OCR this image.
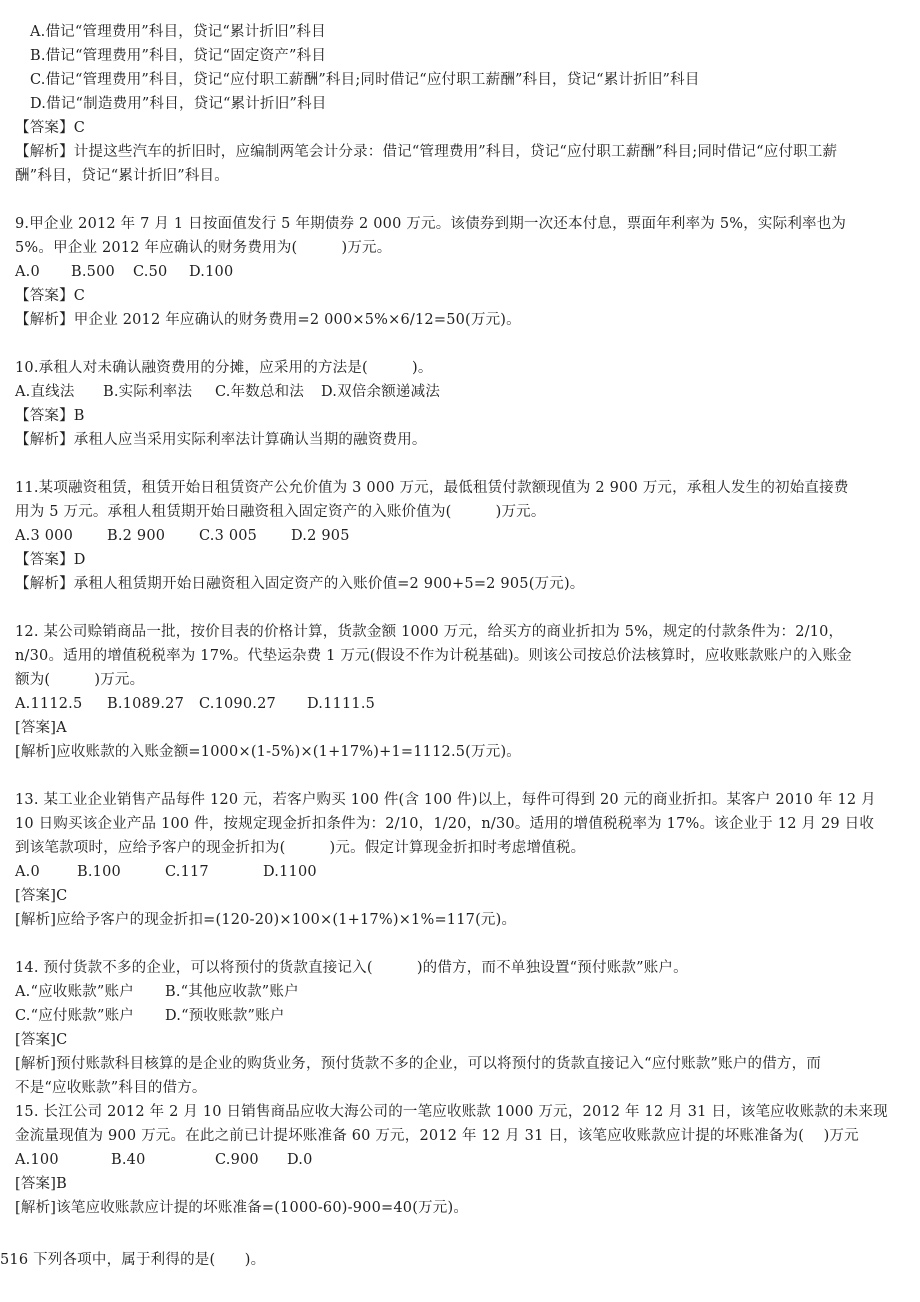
A.借记“管理费用”科目，贷记“累计折旧”科目
B.借记“管理费用”科目，贷记“固定资产”科目
C.借记“管理费用”科目，贷记“应付职工薪酬”科目;同时借记“应付职工薪酬”科目，贷记“累计折旧”科目
D.借记“制造费用”科目，贷记“累计折旧”科目
【答案】C
【解析】计提这些汽车的折旧时，应编制两笔会计分录：借记“管理费用”科目，贷记“应付职工薪酬”科目;同时借记“应付职工薪
酬”科目，贷记“累计折旧”科目。
9.甲企业 2012 年 7 月 1 日按面值发行 5 年期债券 2 000 万元。该债券到期一次还本付息，票面年利率为 5%，实际利率也为
5%。甲企业 2012 年应确认的财务费用为(　　　)万元。
A.0 B.500 C.50 D.100
【答案】C
【解析】甲企业 2012 年应确认的财务费用=2 000×5%×6/12=50(万元)。
10.承租人对未确认融资费用的分摊，应采用的方法是(　　　)。
A.直线法 B.实际利率法 C.年数总和法 D.双倍余额递减法
【答案】B
【解析】承租人应当采用实际利率法计算确认当期的融资费用。
11.某项融资租赁，租赁开始日租赁资产公允价值为 3 000 万元，最低租赁付款额现值为 2 900 万元，承租人发生的初始直接费
用为 5 万元。承租人租赁期开始日融资租入固定资产的入账价值为(　　　)万元。
A.3 000 B.2 900 C.3 005 D.2 905
【答案】D
【解析】承租人租赁期开始日融资租入固定资产的入账价值=2 900+5=2 905(万元)。
12. 某公司赊销商品一批，按价目表的价格计算，货款金额 1000 万元，给买方的商业折扣为 5%，规定的付款条件为：2/10，
n/30。适用的增值税税率为 17%。代垫运杂费 1 万元(假设不作为计税基础)。则该公司按总价法核算时，应收账款账户的入账金
额为(　　　)万元。
A.1112.5 B.1089.27 C.1090.27 D.1111.5
[答案]A
[解析]应收账款的入账金额=1000×(1-5%)×(1+17%)+1=1112.5(万元)。
13. 某工业企业销售产品每件 120 元，若客户购买 100 件(含 100 件)以上，每件可得到 20 元的商业折扣。某客户 2010 年 12 月
10 日购买该企业产品 100 件，按规定现金折扣条件为：2/10，1/20，n/30。适用的增值税税率为 17%。该企业于 12 月 29 日收
到该笔款项时，应给予客户的现金折扣为(　　　)元。假定计算现金折扣时考虑增值税。
A.0	B.100	C.117	D.1100
[答案]C
[解析]应给予客户的现金折扣=(120-20)×100×(1+17%)×1%=117(元)。
14. 预付货款不多的企业，可以将预付的货款直接记入(　　　)的借方，而不单独设置“预付账款”账户。
A.“应收账款”账户 B.“其他应收款”账户
C.“应付账款”账户 D.“预收账款”账户
[答案]C
[解析]预付账款科目核算的是企业的购货业务，预付货款不多的企业，可以将预付的货款直接记入“应付账款”账户的借方，而
不是“应收账款”科目的借方。
15. 长江公司 2012 年 2 月 10 日销售商品应收大海公司的一笔应收账款 1000 万元，2012 年 12 月 31 日，该笔应收账款的未来现
金流量现值为 900 万元。在此之前已计提坏账准备 60 万元，2012 年 12 月 31 日，该笔应收账款应计提的坏账准备为(　 )万元
A.100	B.40	C.900 D.0
[答案]B
[解析]该笔应收账款应计提的坏账准备=(1000-60)-900=40(万元)。
516 下列各项中，属于利得的是(　　)。
